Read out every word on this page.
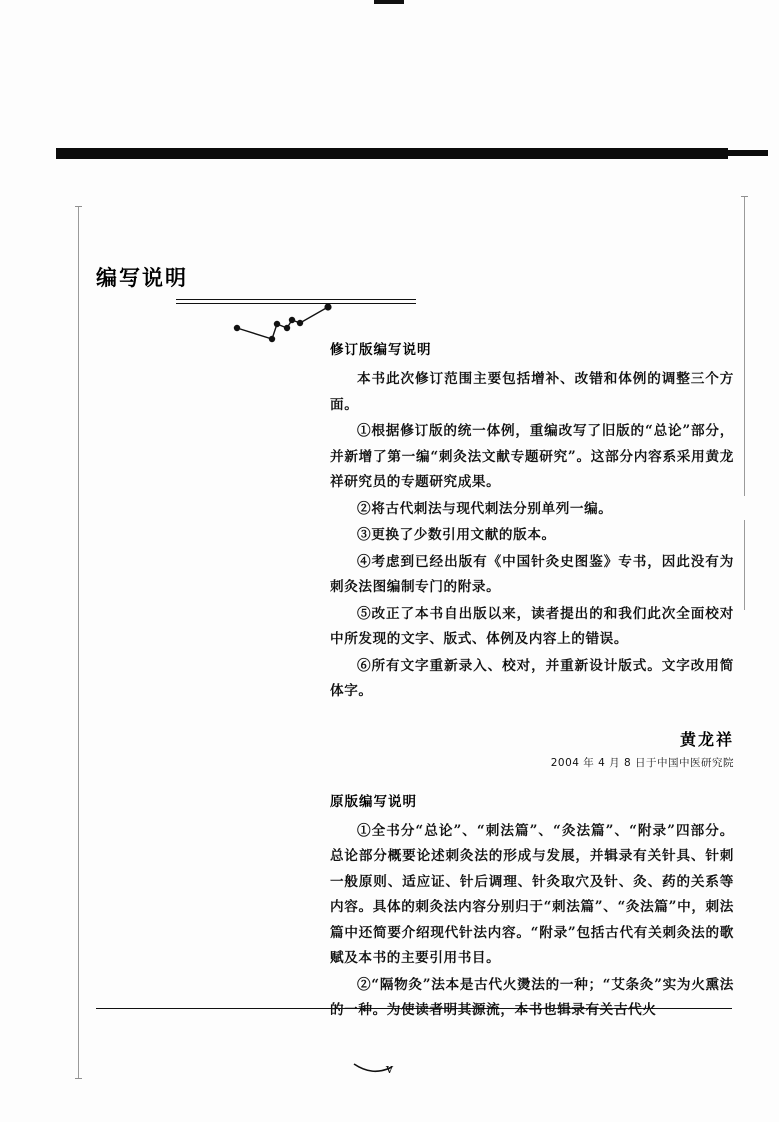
编写说明
修订版编写说明

本书此次修订范围主要包括增补、改错和体例的调整三个方面。

①根据修订版的统一体例，重编改写了旧版的“总论”部分，并新增了第一编“刺灸法文献专题研究”。这部分内容系采用黄龙祥研究员的专题研究成果。

②将古代刺法与现代刺法分别单列一编。

③更换了少数引用文献的版本。

④考虑到已经出版有《中国针灸史图鉴》专书，因此没有为刺灸法图编制专门的附录。

⑤改正了本书自出版以来，读者提出的和我们此次全面校对中所发现的文字、版式、体例及内容上的错误。

⑥所有文字重新录入、校对，并重新设计版式。文字改用简体字。

黄龙祥
2004 年 4 月 8 日于中国中医研究院
原版编写说明

①全书分“总论”、“刺法篇”、“灸法篇”、“附录”四部分。总论部分概要论述刺灸法的形成与发展，并辑录有关针具、针刺一般原则、适应证、针后调理、针灸取穴及针、灸、药的关系等内容。具体的刺灸法内容分别归于“刺法篇”、“灸法篇”中，刺法篇中还简要介绍现代针法内容。“附录”包括古代有关刺灸法的歌赋及本书的主要引用书目。

②“隔物灸”法本是古代火燙法的一种；“艾条灸”实为火熏法的一种。为使读者明其源流，本书也辑录有关古代火

v
